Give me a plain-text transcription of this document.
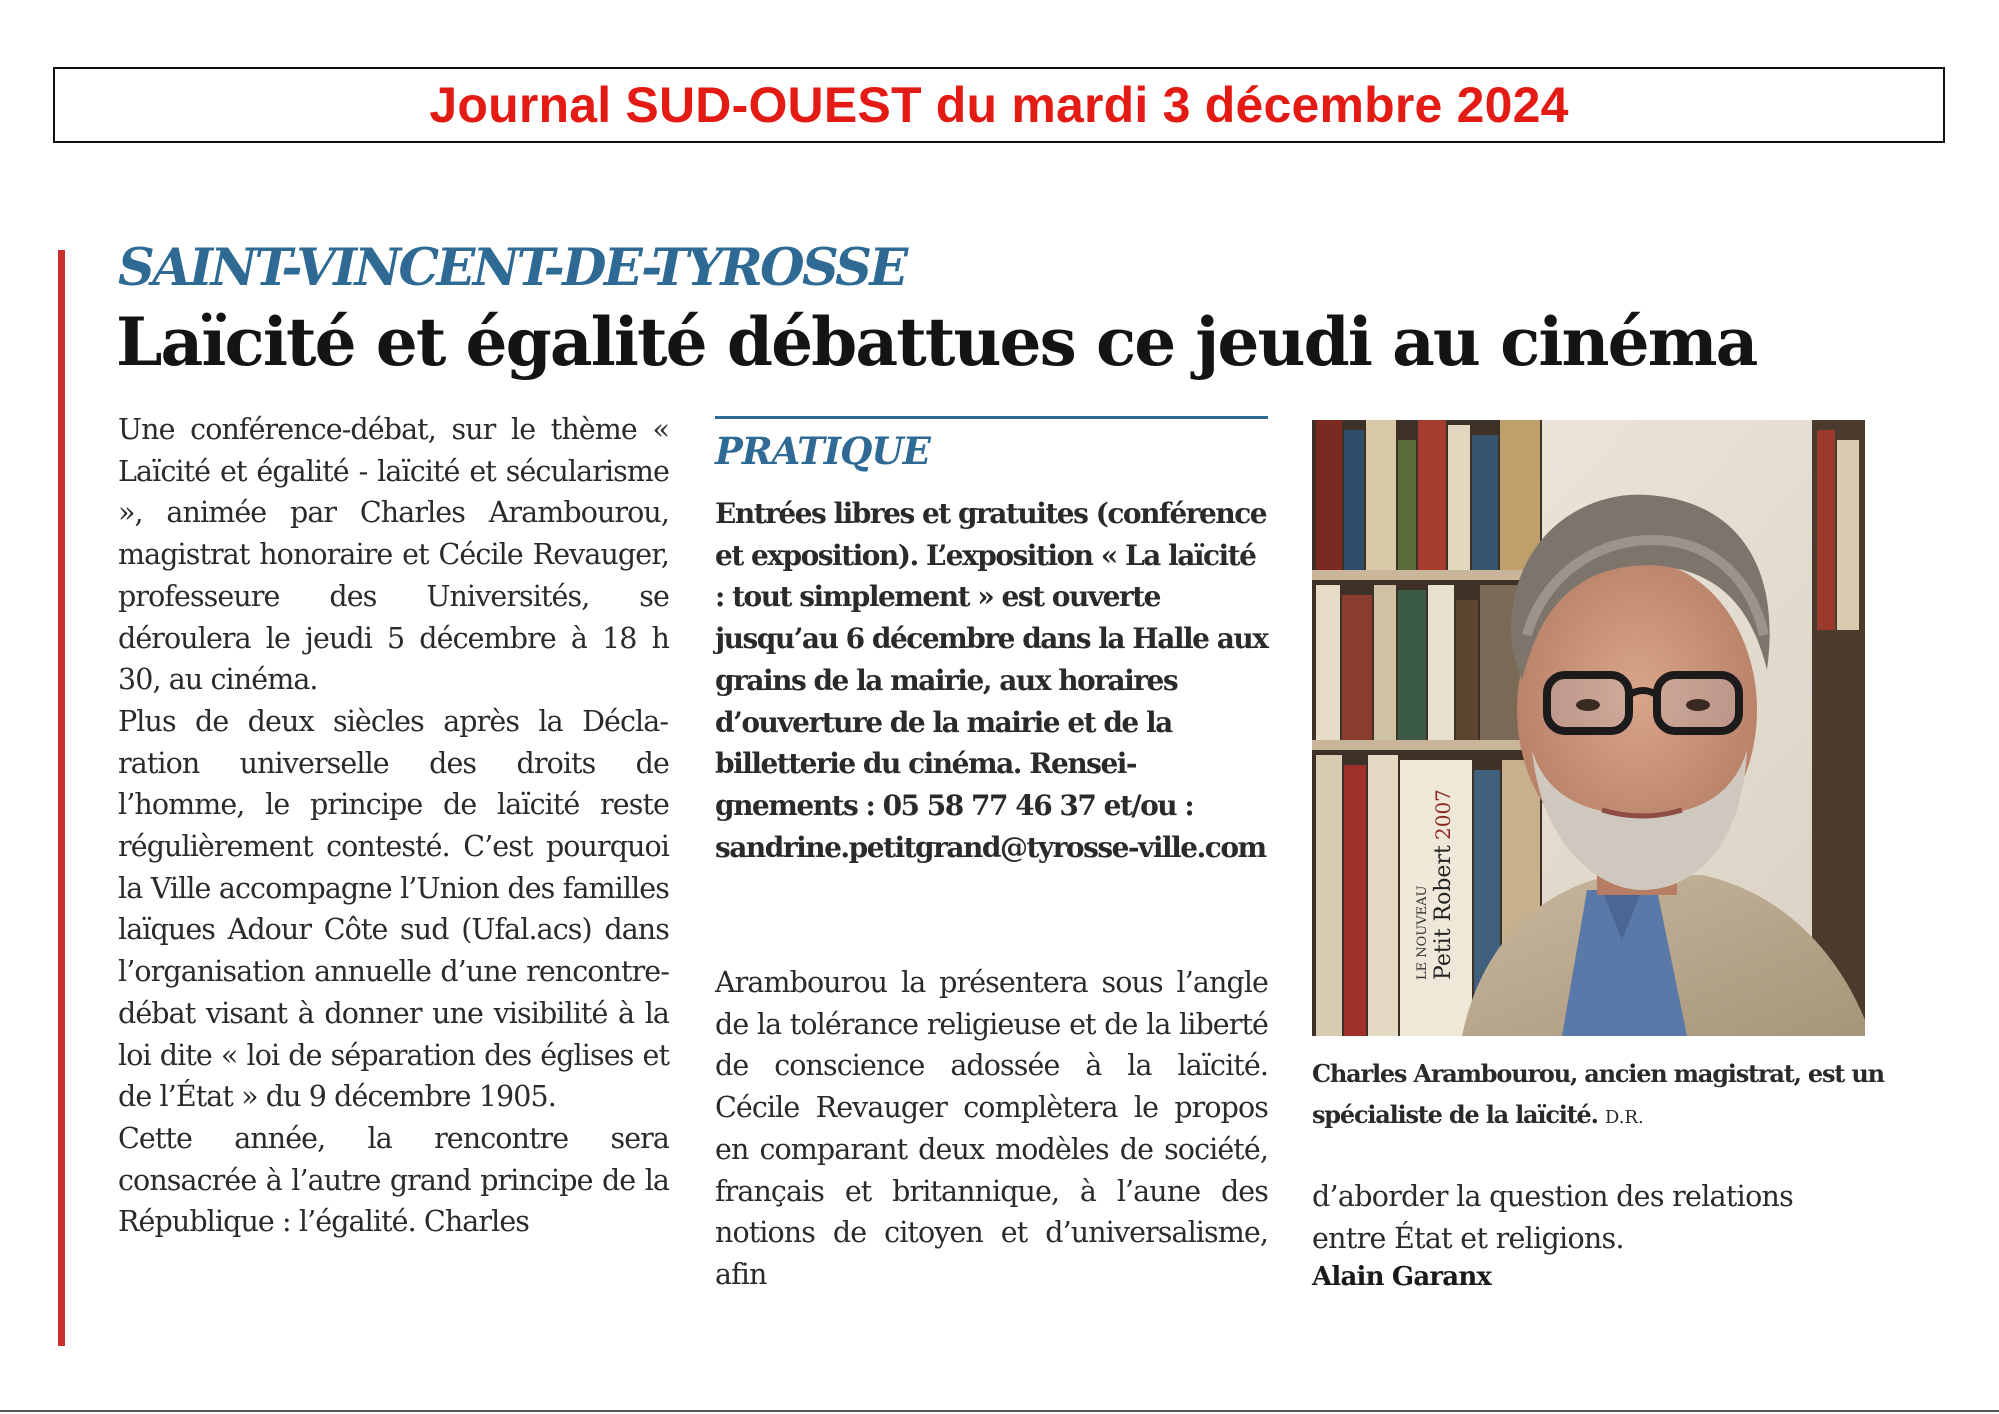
Journal SUD-OUEST du mardi 3 décembre 2024
SAINT-VINCENT-DE-TYROSSE
Laïcité et égalité débattues ce jeudi au cinéma

Une conférence-débat, sur le thème « Laïcité et égalité - laïcité et sécularisme », animée par Charles Arambourou, magistrat honoraire et Cécile Revauger, professeure des Universités, se déroulera le jeudi 5 décembre à 18 h 30, au cinéma.

Plus de deux siècles après la Déclaration universelle des droits de l’homme, le principe de laïcité reste régulièrement contesté. C’est pourquoi la Ville accompagne l’Union des familles laïques Adour Côte sud (Ufal.acs) dans l’organisation annuelle d’une rencontre-débat visant à donner une visibilité à la loi dite « loi de séparation des églises et de l’État » du 9 décembre 1905.

Cette année, la rencontre sera consacrée à l’autre grand principe de la République : l’égalité. Charles

PRATIQUE
Entrées libres et gratuites (conférence et exposition). L’exposition « La laïcité : tout simplement » est ouverte jusqu’au 6 décembre dans la Halle aux grains de la mairie, aux horaires d’ouverture de la mairie et de la billetterie du cinéma. Renseignements : 05 58 77 46 37 et/ou : sandrine.petitgrand@tyrosse-ville.com

Arambourou la présentera sous l’angle de la tolérance religieuse et de la liberté de conscience adossée à la laïcité. Cécile Revauger complètera le propos en comparant deux modèles de société, français et britannique, à l’aune des notions de citoyen et d’universalisme, afin

LE NOUVEAU Petit Robert
2007
Charles Arambourou, ancien magistrat, est un spécialiste de la laïcité. D.R.

d’aborder la question des relations entre État et religions.

Alain Garanx
